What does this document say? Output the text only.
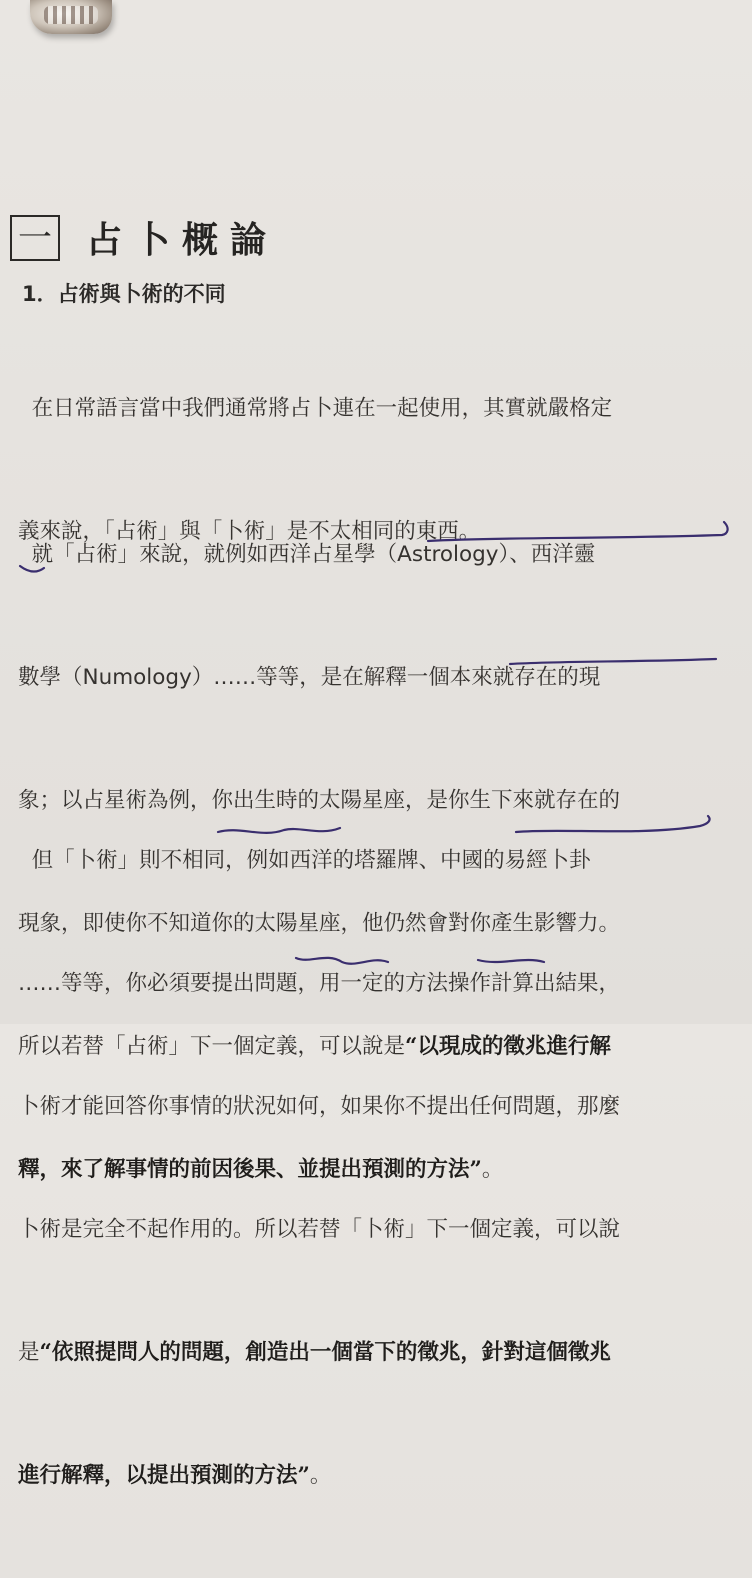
一 占卜概論
1．占術與卜術的不同

在日常語言當中我們通常將占卜連在一起使用，其實就嚴格定

義來說，「占術」與「卜術」是不太相同的東西。

就「占術」來說，就例如西洋占星學（Astrology）、西洋靈

數學（Numology）……等等，是在解釋一個本來就存在的現

象；以占星術為例，你出生時的太陽星座，是你生下來就存在的

現象，即使你不知道你的太陽星座，他仍然會對你產生影響力。

所以若替「占術」下一個定義，可以說是“以現成的徵兆進行解

釋，來了解事情的前因後果、並提出預測的方法”。

但「卜術」則不相同，例如西洋的塔羅牌、中國的易經卜卦

……等等，你必須要提出問題，用一定的方法操作計算出結果，

卜術才能回答你事情的狀況如何，如果你不提出任何問題，那麼

卜術是完全不起作用的。所以若替「卜術」下一個定義，可以說

是“依照提問人的問題，創造出一個當下的徵兆，針對這個徵兆

進行解釋，以提出預測的方法”。
